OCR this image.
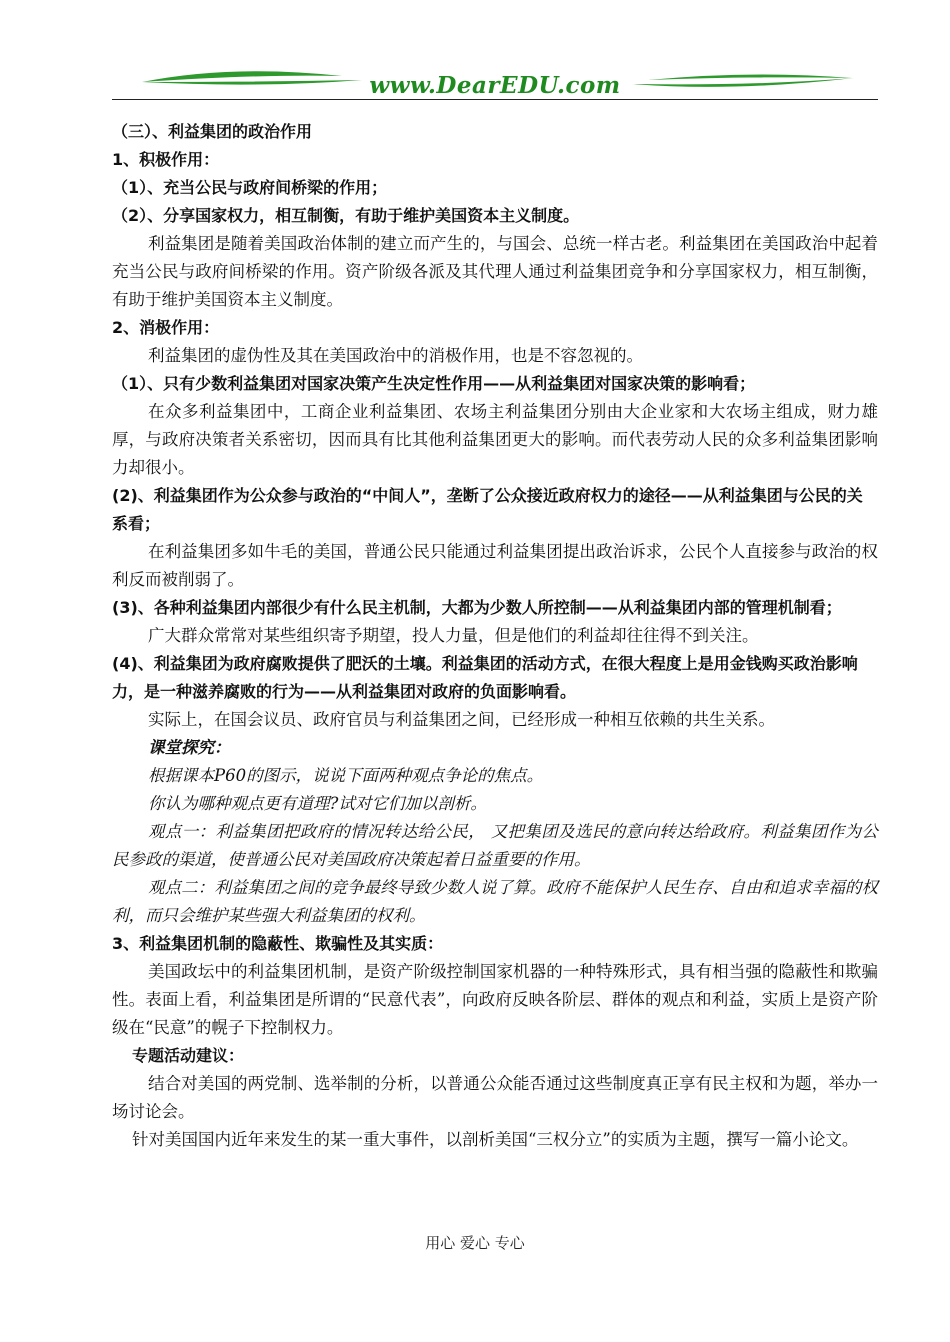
www.DearEDU.com

（三）、利益集团的政治作用

1、积极作用：

（1）、充当公民与政府间桥梁的作用；

（2）、分享国家权力，相互制衡，有助于维护美国资本主义制度。

利益集团是随着美国政治体制的建立而产生的，与国会、总统一样古老。利益集团在美国政治中起着充当公民与政府间桥梁的作用。资产阶级各派及其代理人通过利益集团竞争和分享国家权力，相互制衡，有助于维护美国资本主义制度。

2、消极作用：

利益集团的虚伪性及其在美国政治中的消极作用，也是不容忽视的。

（1）、只有少数利益集团对国家决策产生决定性作用——从利益集团对国家决策的影响看；

在众多利益集团中，工商企业利益集团、农场主利益集团分别由大企业家和大农场主组成，财力雄厚，与政府决策者关系密切，因而具有比其他利益集团更大的影响。而代表劳动人民的众多利益集团影响力却很小。

(2)、利益集团作为公众参与政治的“中间人”，垄断了公众接近政府权力的途径——从利益集团与公民的关系看；

在利益集团多如牛毛的美国，普通公民只能通过利益集团提出政治诉求，公民个人直接参与政治的权利反而被削弱了。

(3)、各种利益集团内部很少有什么民主机制，大都为少数人所控制——从利益集团内部的管理机制看；

广大群众常常对某些组织寄予期望，投人力量，但是他们的利益却往往得不到关注。

(4)、利益集团为政府腐败提供了肥沃的土壤。利益集团的活动方式，在很大程度上是用金钱购买政治影响力，是一种滋养腐败的行为——从利益集团对政府的负面影响看。

实际上，在国会议员、政府官员与利益集团之间，已经形成一种相互依赖的共生关系。

课堂探究：

根据课本P60的图示，说说下面两种观点争论的焦点。

你认为哪种观点更有道理?试对它们加以剖析。

观点一：利益集团把政府的情况转达给公民， 又把集团及选民的意向转达给政府。利益集团作为公民参政的渠道，使普通公民对美国政府决策起着日益重要的作用。

观点二：利益集团之间的竞争最终导致少数人说了算。政府不能保护人民生存、自由和追求幸福的权利，而只会维护某些强大利益集团的权利。

3、利益集团机制的隐蔽性、欺骗性及其实质：

美国政坛中的利益集团机制，是资产阶级控制国家机器的一种特殊形式，具有相当强的隐蔽性和欺骗性。表面上看，利益集团是所谓的“民意代表”，向政府反映各阶层、群体的观点和利益，实质上是资产阶级在“民意”的幌子下控制权力。

专题活动建议：

结合对美国的两党制、选举制的分析，以普通公众能否通过这些制度真正享有民主权和为题，举办一场讨论会。

针对美国国内近年来发生的某一重大事件，以剖析美国“三权分立”的实质为主题，撰写一篇小论文。

用心 爱心 专心
